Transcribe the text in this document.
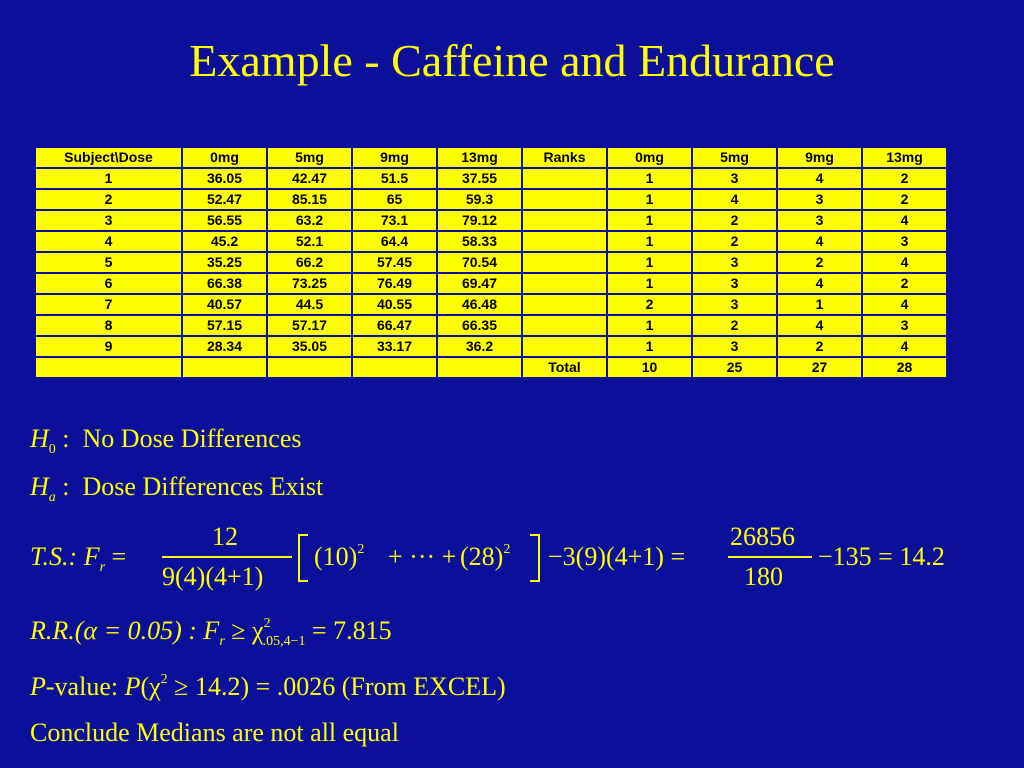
Example - Caffeine and Endurance
Subject\Dose	0mg	5mg	9mg	13mg	Ranks	0mg	5mg	9mg	13mg
1	36.05	42.47	51.5	37.55		1	3	4	2
2	52.47	85.15	65	59.3		1	4	3	2
3	56.55	63.2	73.1	79.12		1	2	3	4
4	45.2	52.1	64.4	58.33		1	2	4	3
5	35.25	66.2	57.45	70.54		1	3	2	4
6	66.38	73.25	76.49	69.47		1	3	4	2
7	40.57	44.5	40.55	46.48		2	3	1	4
8	57.15	57.17	66.47	66.35		1	2	4	3
9	28.34	35.05	33.17	36.2		1	3	2	4
					Total	10	25	27	28
$H_0$ :  No Dose Differences
$H_a$ :  Dose Differences Exist
T.S.: $F_r$ =
12
9(4)(4+1)
$(10)^2$ + ··· + $(28)^2 -3(9)(4+1)$ =
26856
180
−135 = 14.2
R.R.(α = 0.05) : $F_r \ge \chi^2_{.05,4-1} = 7.815$
P-value: $P(\chi^2 \ge 14.2) = .0026$ (From EXCEL)
Conclude Medians are not all equal
